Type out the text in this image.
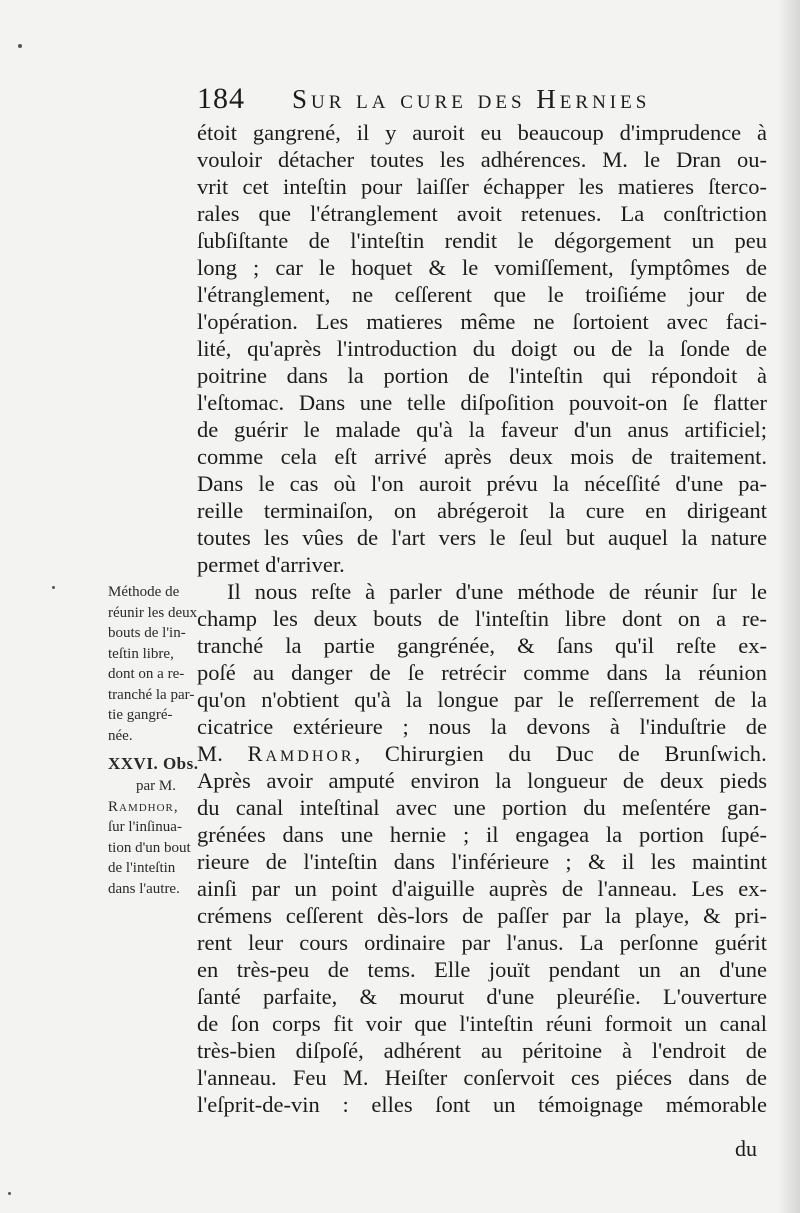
184 Sur la cure des Hernies
étoit gangrené, il y auroit eu beaucoup d'imprudence à
vouloir détacher toutes les adhérences. M. le Dran ou-
vrit cet inteſtin pour laiſſer échapper les matieres ſterco-
rales que l'étranglement avoit retenues. La conſtriction
ſubſiſtante de l'inteſtin rendit le dégorgement un peu
long ; car le hoquet & le vomiſſement, ſymptômes de
l'étranglement, ne ceſſerent que le troiſiéme jour de
l'opération. Les matieres même ne ſortoient avec faci-
lité, qu'après l'introduction du doigt ou de la ſonde de
poitrine dans la portion de l'inteſtin qui répondoit à
l'eſtomac. Dans une telle diſpoſition pouvoit-on ſe flatter
de guérir le malade qu'à la faveur d'un anus artificiel;
comme cela eſt arrivé après deux mois de traitement.
Dans le cas où l'on auroit prévu la néceſſité d'une pa-
reille terminaiſon, on abrégeroit la cure en dirigeant
toutes les vûes de l'art vers le ſeul but auquel la nature
permet d'arriver.
Il nous reſte à parler d'une méthode de réunir ſur le
champ les deux bouts de l'inteſtin libre dont on a re-
tranché la partie gangrénée, & ſans qu'il reſte ex-
poſé au danger de ſe retrécir comme dans la réunion
qu'on n'obtient qu'à la longue par le reſſerrement de la
cicatrice extérieure ; nous la devons à l'induſtrie de
M. Ramdhor, Chirurgien du Duc de Brunſwich.
Après avoir amputé environ la longueur de deux pieds
du canal inteſtinal avec une portion du meſentére gan-
grénées dans une hernie ; il engagea la portion ſupé-
rieure de l'inteſtin dans l'inférieure ; & il les maintint
ainſi par un point d'aiguille auprès de l'anneau. Les ex-
crémens ceſſerent dès-lors de paſſer par la playe, & pri-
rent leur cours ordinaire par l'anus. La perſonne guérit
en très-peu de tems. Elle jouït pendant un an d'une
ſanté parfaite, & mourut d'une pleuréſie. L'ouverture
de ſon corps fit voir que l'inteſtin réuni formoit un canal
très-bien diſpoſé, adhérent au péritoine à l'endroit de
l'anneau. Feu M. Heiſter conſervoit ces piéces dans de
l'eſprit-de-vin : elles ſont un témoignage mémorable
Méthode de
réunir les deux
bouts de l'in-
teſtin libre,
dont on a re-
tranché la par-
tie gangré-
née.
XXVI. Obs.
par M.
Ramdhor,
ſur l'inſinua-
tion d'un bout
de l'inteſtin
dans l'autre.
du
